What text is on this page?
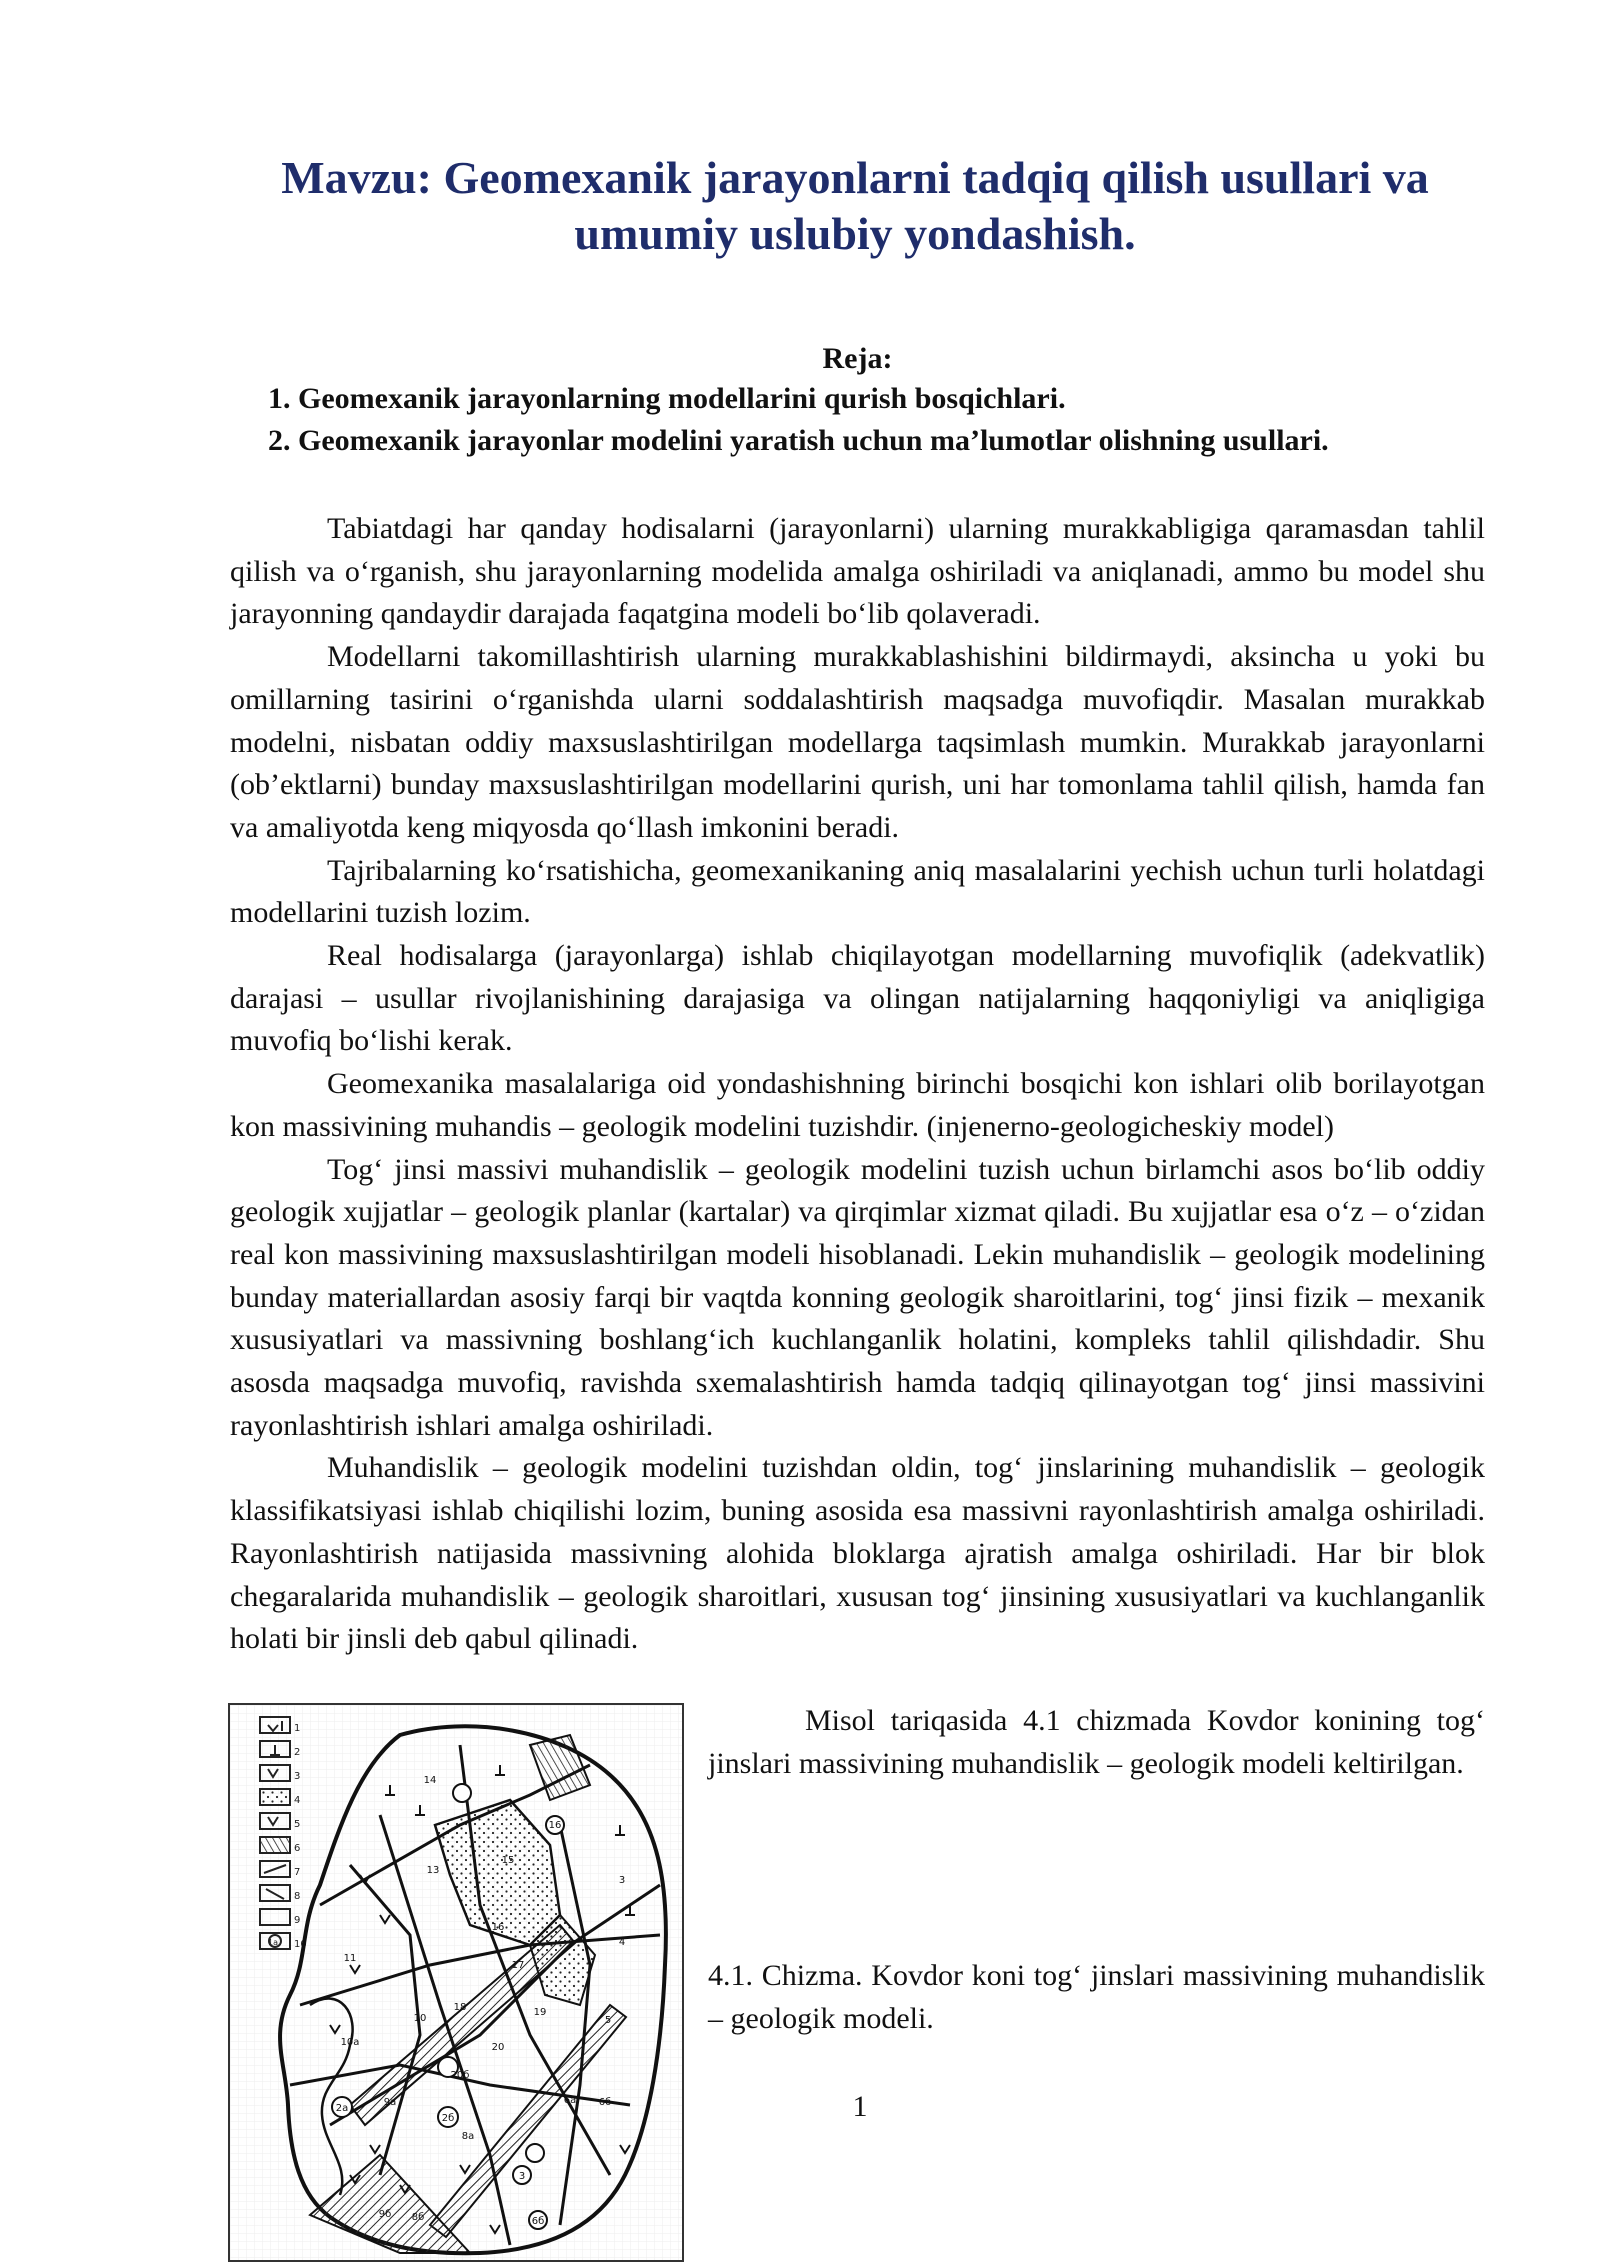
Mavzu: Geomexanik jarayonlarni tadqiq qilish usullari va umumiy uslubiy yondashish.
Reja:
1. Geomexanik jarayonlarning modellarini qurish bosqichlari.
2. Geomexanik jarayonlar modelini yaratish uchun ma’lumotlar olishning usullari.

Tabiatdagi har qanday hodisalarni (jarayonlarni) ularning murakkabligiga qaramasdan tahlil qilish va o‘rganish, shu jarayonlarning modelida amalga oshiriladi va aniqlanadi, ammo bu model shu jarayonning qandaydir darajada faqatgina modeli bo‘lib qolaveradi.

Modellarni takomillashtirish ularning murakkablashishini bildirmaydi, aksincha u yoki bu omillarning tasirini o‘rganishda ularni soddalashtirish maqsadga muvofiqdir. Masalan murakkab modelni, nisbatan oddiy maxsuslashtirilgan modellarga taqsimlash mumkin. Murakkab jarayonlarni (ob’ektlarni) bunday maxsuslashtirilgan modellarini qurish, uni har tomonlama tahlil qilish, hamda fan va amaliyotda keng miqyosda qo‘llash imkonini beradi.

Tajribalarning ko‘rsatishicha, geomexanikaning aniq masalalarini yechish uchun turli holatdagi modellarini tuzish lozim.

Real hodisalarga (jarayonlarga) ishlab chiqilayotgan modellarning muvofiqlik (adekvatlik) darajasi – usullar rivojlanishining darajasiga va olingan natijalarning haqqoniyligi va aniqligiga muvofiq bo‘lishi kerak.

Geomexanika masalalariga oid yondashishning birinchi bosqichi kon ishlari olib borilayotgan kon massivining muhandis – geologik modelini tuzishdir. (injenerno-geologicheskiy model)

Tog‘ jinsi massivi muhandislik – geologik modelini tuzish uchun birlamchi asos bo‘lib oddiy geologik xujjatlar – geologik planlar (kartalar) va qirqimlar xizmat qiladi. Bu xujjatlar esa o‘z – o‘zidan real kon massivining maxsuslashtirilgan modeli hisoblanadi. Lekin muhandislik – geologik modelining bunday materiallardan asosiy farqi bir vaqtda konning geologik sharoitlarini, tog‘ jinsi fizik – mexanik xususiyatlari va massivning boshlang‘ich kuchlanganlik holatini, kompleks tahlil qilishdadir. Shu asosda maqsadga muvofiq, ravishda sxemalashtirish hamda tadqiq qilinayotgan tog‘ jinsi massivini rayonlashtirish ishlari amalga oshiriladi.

Muhandislik – geologik modelini tuzishdan oldin, tog‘ jinslarining muhandislik – geologik klassifikatsiyasi ishlab chiqilishi lozim, buning asosida esa massivni rayonlashtirish amalga oshiriladi. Rayonlashtirish natijasida massivning alohida bloklarga ajratish amalga oshiriladi. Har bir blok chegaralarida muhandislik – geologik sharoitlari, xususan tog‘ jinsining xususiyatlari va kuchlanganlik holati bir jinsli deb qabul qilinadi.

1
2
3
4
5
6
7
8
9
10
1a
14
13
15
16
16
11
17
18	19
20
20б
5
4
3
2а
10
10а
2б
9а
8а
6б
6а
6б
9б 8б
3
Misol tariqasida 4.1 chizmada Kovdor konining tog‘ jinslari massivining muhandislik – geologik modeli keltirilgan.
4.1. Chizma. Kovdor koni tog‘ jinslari massivining muhandislik – geologik modeli.
1
